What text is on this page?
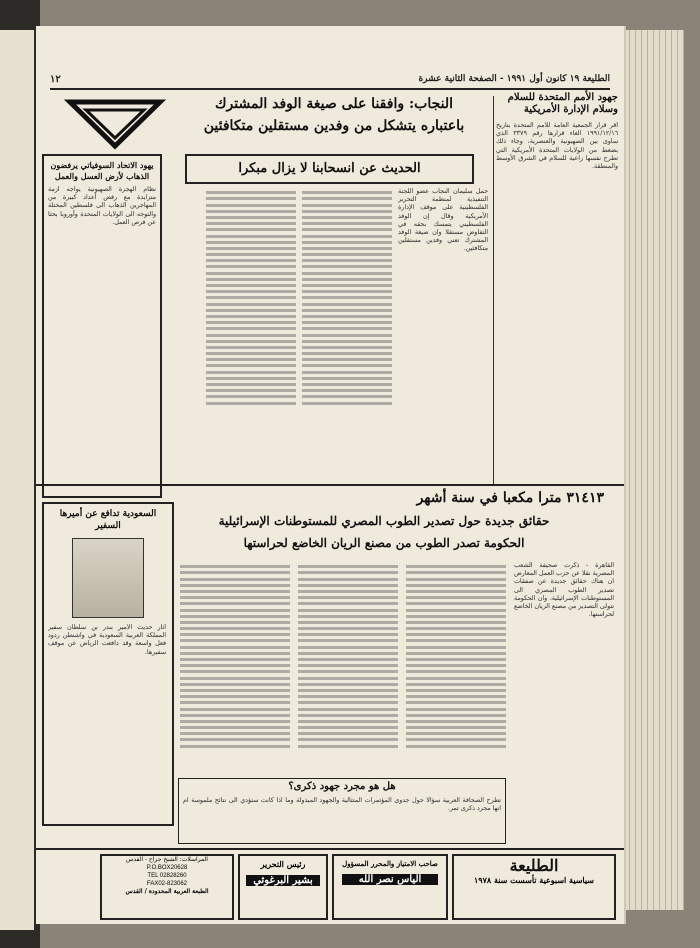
الطليعة ١٩ كانون أول ١٩٩١ - الصفحة الثانية عشرة
١٢
جهود الأمم المتحدة للسلام وسلام الإدارة الأمريكية
أقر قرار الجمعية العامة للأمم المتحدة بتاريخ ١٩٩١/١٢/١٦ الغاء قرارها رقم ٣٣٧٩ الذي ساوى بين الصهيونية والعنصرية، وجاء ذلك بضغط من الولايات المتحدة الأمريكية التي تطرح نفسها راعية للسلام في الشرق الأوسط والمنطقة.
النجاب: وافقنا على صيغة الوفد المشترك
باعتباره يتشكل من وفدين مستقلين متكافئين
الحديث عن انسحابنا لا يزال مبكرا
حمل سليمان النجاب عضو اللجنة التنفيذية لمنظمة التحرير الفلسطينية على موقف الإدارة الأمريكية وقال إن الوفد الفلسطيني يتمسك بحقه في التفاوض مستقلا وان صيغة الوفد المشترك تعني وفدين مستقلين متكافئين.
يهود الاتحاد السوفياتي يرفضون الذهاب لأرض العسل والعمل
نظام الهجرة الصهيونية يواجه أزمة متزايدة مع رفض أعداد كبيرة من المهاجرين الذهاب الى فلسطين المحتلة والتوجه الى الولايات المتحدة وأوروبا بحثا عن فرص العمل.
٣١٤١٣ مترا مكعبا في سنة أشهر
حقائق جديدة حول تصدير الطوب المصري للمستوطنات الإسرائيلية
الحكومة تصدر الطوب من مصنع الريان الخاضع لحراستها
السعودية تدافع عن أميرها السفير
أثار حديث الأمير بندر بن سلطان سفير المملكة العربية السعودية في واشنطن ردود فعل واسعة وقد دافعت الرياض عن موقف سفيرها.
القاهرة - ذكرت صحيفة الشعب المصرية نقلا عن حزب العمل المعارض ان هناك حقائق جديدة عن صفقات تصدير الطوب المصري الى المستوطنات الإسرائيلية، وان الحكومة تتولى التصدير من مصنع الريان الخاضع لحراستها.
هل هو مجرد جهود ذكرى؟
تطرح الصحافة العربية سؤالا حول جدوى المؤتمرات المتتالية والجهود المبذولة وما اذا كانت ستؤدي الى نتائج ملموسة ام انها مجرد ذكرى تمر.
الطليعة
سياسية اسبوعية تأسست سنة ١٩٧٨
صاحب الامتياز والمحرر المسؤول
الياس نصر الله
رئيس التحرير
بشير البرغوثي
المراسلات: الشيخ جراح - القدس
P.O.BOX20628
TEL 02828260
FAX02-823062
الطبعة العربية المحدودة / القدس
